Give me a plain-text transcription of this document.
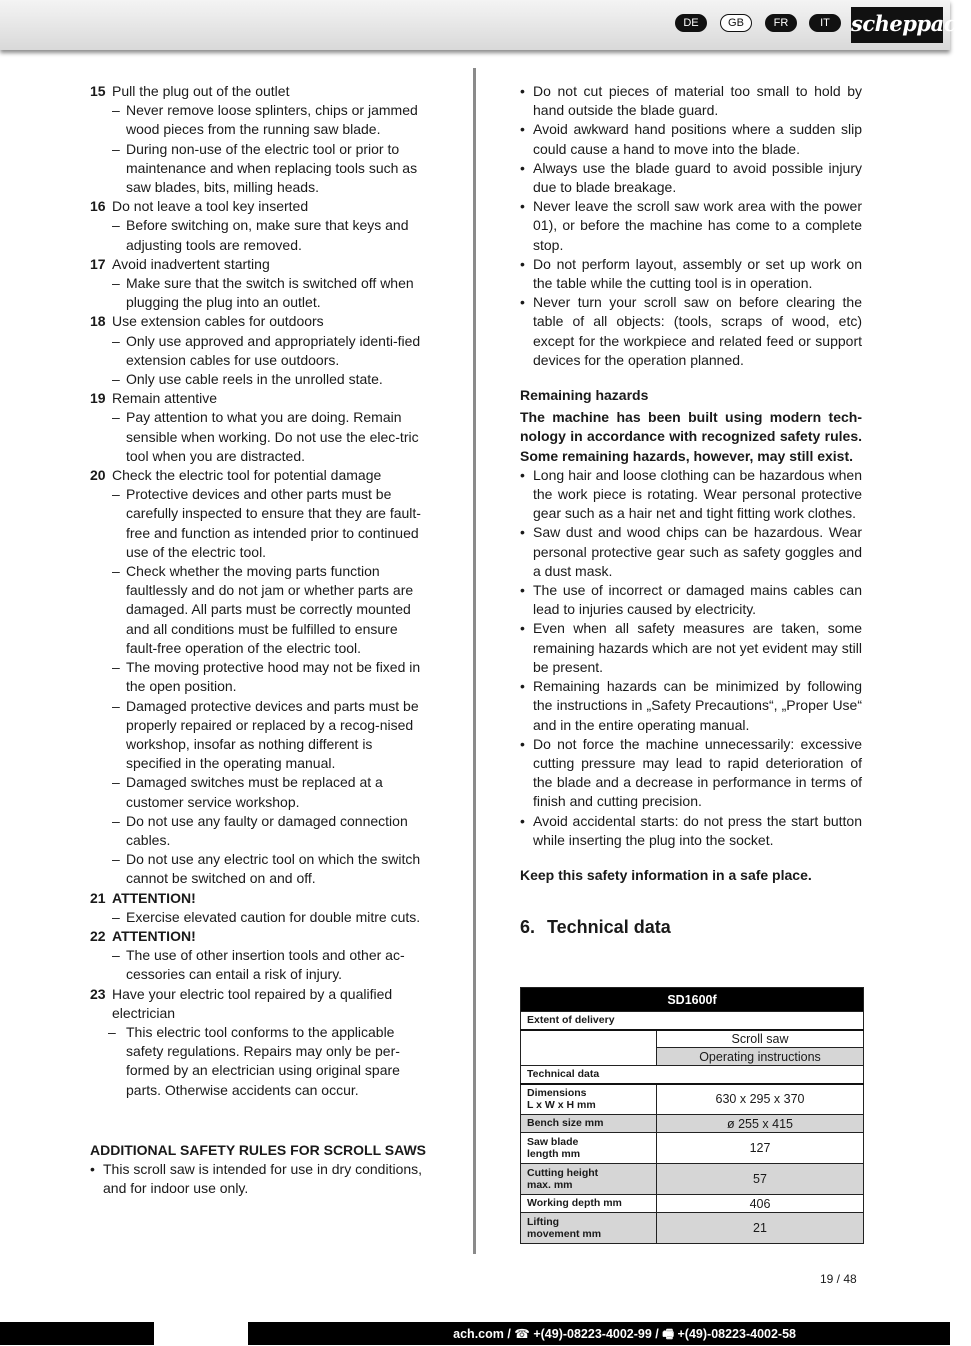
DE	GB	FR	IT	scheppach
15 Pull the plug out of the outlet
– Never remove loose splinters, chips or jammed wood pieces from the running saw blade.
– During non-use of the electric tool or prior to maintenance and when replacing tools such as saw blades, bits, milling heads.
16 Do not leave a tool key inserted
– Before switching on, make sure that keys and adjusting tools are removed.
17 Avoid inadvertent starting
– Make sure that the switch is switched off when plugging the plug into an outlet.
18 Use extension cables for outdoors
– Only use approved and appropriately identi-fied extension cables for use outdoors.
– Only use cable reels in the unrolled state.
19 Remain attentive
– Pay attention to what you are doing. Remain sensible when working. Do not use the elec-tric tool when you are distracted.
20 Check the electric tool for potential damage
– Protective devices and other parts must be carefully inspected to ensure that they are fault-free and function as intended prior to continued use of the electric tool.
– Check whether the moving parts function faultlessly and do not jam or whether parts are damaged. All parts must be correctly mounted and all conditions must be fulfilled to ensure fault-free operation of the electric tool.
– The moving protective hood may not be fixed in the open position.
– Damaged protective devices and parts must be properly repaired or replaced by a recog-nised workshop, insofar as nothing different is specified in the operating manual.
– Damaged switches must be replaced at a customer service workshop.
– Do not use any faulty or damaged connection cables.
– Do not use any electric tool on which the switch cannot be switched on and off.
21 ATTENTION!
– Exercise elevated caution for double mitre cuts.
22 ATTENTION!
– The use of other insertion tools and other ac-cessories can entail a risk of injury.
23 Have your electric tool repaired by a qualified electrician
– This electric tool conforms to the applicable safety regulations. Repairs may only be per-formed by an electrician using original spare parts. Otherwise accidents can occur.
ADDITIONAL SAFETY RULES FOR SCROLL SAWS
• This scroll saw is intended for use in dry conditions, and for indoor use only.
• Do not cut pieces of material too small to hold by hand outside the blade guard.
• Avoid awkward hand positions where a sudden slip could cause a hand to move into the blade.
• Always use the blade guard to avoid possible injury due to blade breakage.
• Never leave the scroll saw work area with the power 01), or before the machine has come to a complete stop.
• Do not perform layout, assembly or set up work on the table while the cutting tool is in operation.
• Never turn your scroll saw on before clearing the table of all objects: (tools, scraps of wood, etc) except for the workpiece and related feed or support devices for the operation planned.
Remaining hazards
The machine has been built using modern tech-nology in accordance with recognized safety rules. Some remaining hazards, however, may still exist.
• Long hair and loose clothing can be hazardous when the work piece is rotating. Wear personal protective gear such as a hair net and tight fitting work clothes.
• Saw dust and wood chips can be hazardous. Wear personal protective gear such as safety goggles and a dust mask.
• The use of incorrect or damaged mains cables can lead to injuries caused by electricity.
• Even when all safety measures are taken, some remaining hazards which are not yet evident may still be present.
• Remaining hazards can be minimized by following the instructions in „Safety Precautions“, „Proper Use“ and in the entire operating manual.
• Do not force the machine unnecessarily: excessive cutting pressure may lead to rapid deterioration of the blade and a decrease in performance in terms of finish and cutting precision.
• Avoid accidental starts: do not press the start button while inserting the plug into the socket.
Keep this safety information in a safe place.
6. Technical data
SD1600f	
Extent of delivery	
	Scroll saw
	Operating instructions
Technical data	

Dimensions
L x W x H mm	630 x 295 x 370

Bench size mm	ø 255 x 415

Saw blade
length mm	127

Cutting height
max. mm	57

Working depth mm	406

Lifting
movement mm	21
19 / 48
ach.com / ☎ +(49)-08223-4002-99 / 🖷 +(49)-08223-4002-58
